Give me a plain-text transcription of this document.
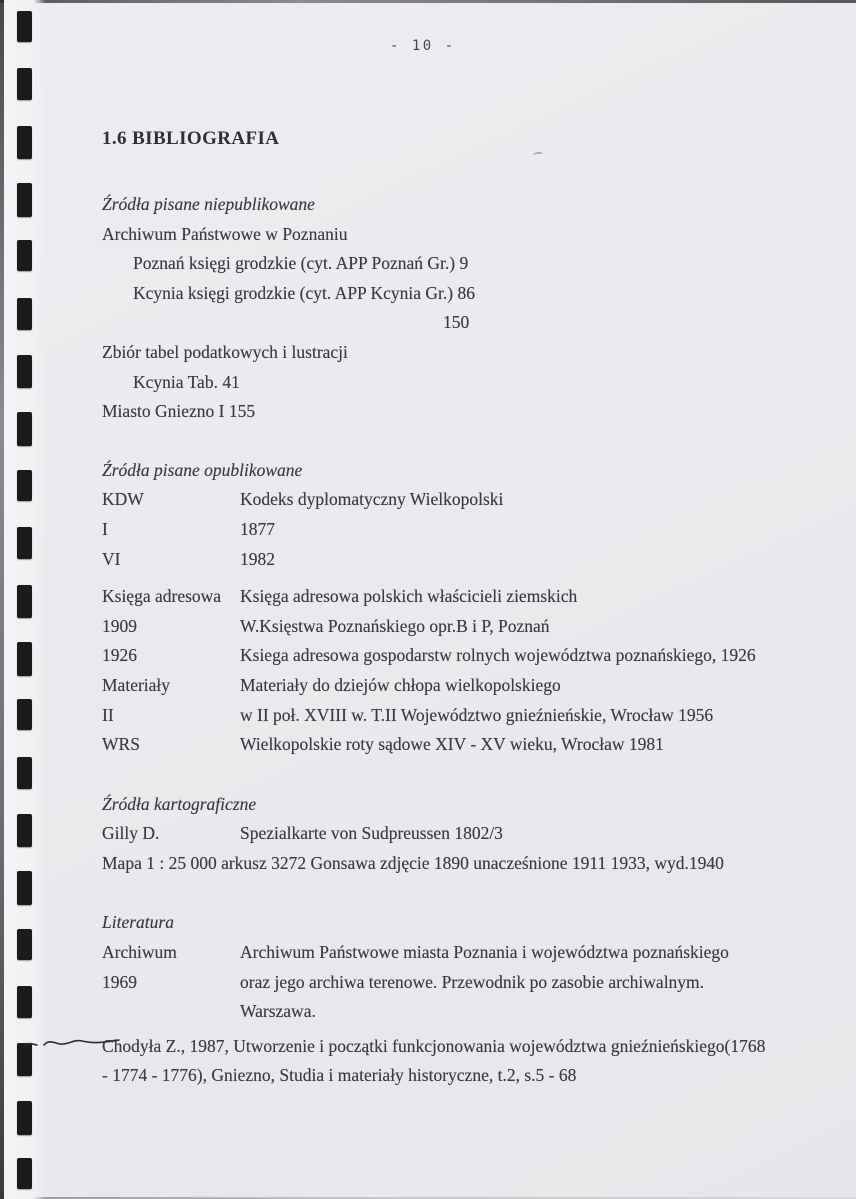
- 10 -
1.6 BIBLIOGRAFIA
Źródła pisane niepublikowane
Archiwum Państwowe w Poznaniu
Poznań księgi grodzkie (cyt. APP Poznań Gr.) 9
Kcynia księgi grodzkie (cyt. APP Kcynia Gr.) 86
150
Zbiór tabel podatkowych i lustracji
Kcynia Tab. 41
Miasto Gniezno I 155
Źródła pisane opublikowane
KDW	Kodeks dyplomatyczny Wielkopolski
I	1877
VI	1982
Księga adresowa	Księga adresowa polskich właścicieli ziemskich
1909	W.Księstwa Poznańskiego opr.B i P, Poznań
1926	Ksiega adresowa gospodarstw rolnych województwa poznańskiego, 1926
Materiały	Materiały do dziejów chłopa wielkopolskiego
II	w II poł. XVIII w. T.II Województwo gnieźnieńskie, Wrocław 1956
WRS	Wielkopolskie roty sądowe XIV - XV wieku, Wrocław 1981
Źródła kartograficzne
Gilly D.	Spezialkarte von Sudpreussen 1802/3
Mapa 1 : 25 000 arkusz 3272 Gonsawa zdjęcie 1890 unacześnione 1911 1933, wyd.1940
Literatura
Archiwum	Archiwum Państwowe miasta Poznania i województwa poznańskiego
1969	oraz jego archiwa terenowe. Przewodnik po zasobie archiwalnym.
Warszawa.
Chodyła Z., 1987, Utworzenie i początki funkcjonowania województwa gnieźnieńskiego(1768
- 1774 - 1776), Gniezno, Studia i materiały historyczne, t.2, s.5 - 68
